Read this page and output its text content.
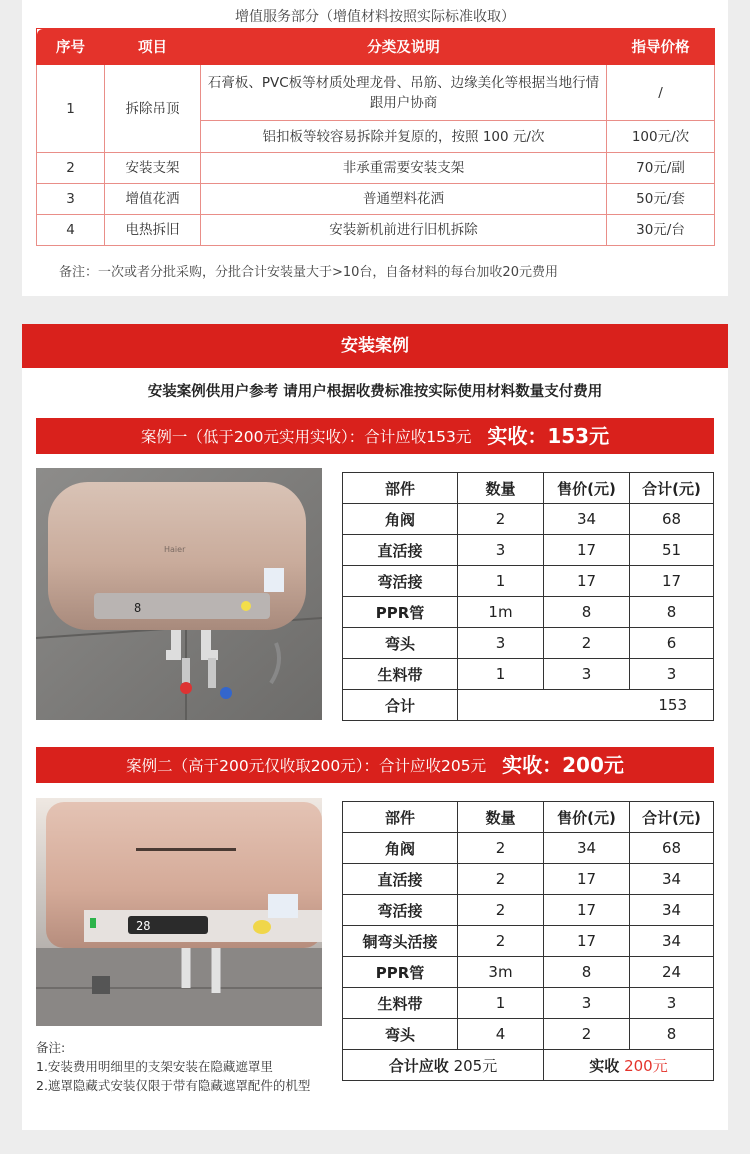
增值服务部分（增值材料按照实际标准收取）
备注：一次或者分批采购，分批合计安装量大于>10台，自备材料的每台加收20元费用
序号	项目	分类及说明	指导价格
1	拆除吊顶	石膏板、PVC板等材质处理龙骨、吊筋、边缘美化等根据当地行情跟用户协商	/
		铝扣板等较容易拆除并复原的，按照 100 元/次	100元/次
2	安装支架	非承重需要安装支架	70元/副
3	增值花洒	普通塑料花洒	50元/套
4	电热拆旧	安装新机前进行旧机拆除	30元/台
安装案例
安装案例供用户参考 请用户根据收费标准按实际使用材料数量支付费用
案例一（低于200元实用实收）：合计应收153元 实收：153元
案例二（高于200元仅收取200元）：合计应收205元 实收：200元
备注:
1.安装费用明细里的支架安装在隐藏遮罩里
2.遮罩隐藏式安装仅限于带有隐藏遮罩配件的机型
8
Haier
28
部件	数量	售价(元)	合计(元)
角阀	2	34	68
直活接	3	17	51
弯活接	1	17	17
PPR管	1m	8	8
弯头	3	2	6
生料带	1	3	3
合计	153		
部件	数量	售价(元)	合计(元)
角阀	2	34	68
直活接	2	17	34
弯活接	2	17	34
铜弯头活接	2	17	34
PPR管	3m	8	24
生料带	1	3	3
弯头	4	2	8
合计应收 205元		实收 200元	
